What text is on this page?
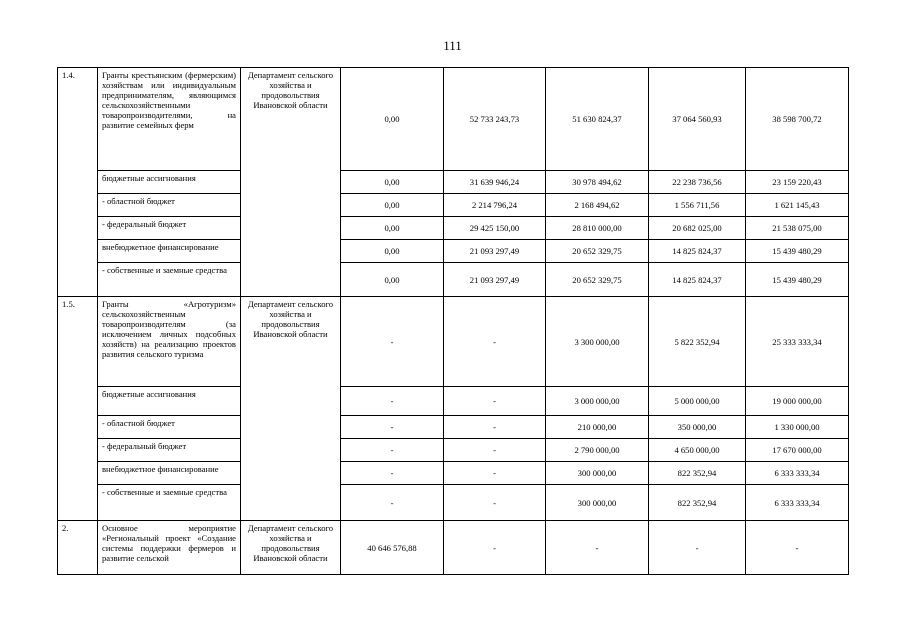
111
1.4.	Гранты крестьянским (фермерским) хозяйствам или индивидуальным предпринимателям, являющимся сельскохозяйственными товаропроизводителями, на развитие семейных ферм	Департамент сельского хозяйства и продовольствия Ивановской области	0,00	52 733 243,73	51 630 824,37	37 064 560,93	38 598 700,72
	бюджетные ассигнования		0,00	31 639 946,24	30 978 494,62	22 238 736,56	23 159 220,43
	- областной бюджет		0,00	2 214 796,24	2 168 494,62	1 556 711,56	1 621 145,43
	- федеральный бюджет		0,00	29 425 150,00	28 810 000,00	20 682 025,00	21 538 075,00
	внебюджетное финансирование		0,00	21 093 297,49	20 652 329,75	14 825 824,37	15 439 480,29
	- собственные и заемные средства		0,00	21 093 297,49	20 652 329,75	14 825 824,37	15 439 480,29
1.5.	Гранты «Агротуризм» сельскохозяйственным товаропроизводителям (за исключением личных подсобных хозяйств) на реализацию проектов развития сельского туризма	Департамент сельского хозяйства и продовольствия Ивановской области	-	-	3 300 000,00	5 822 352,94	25 333 333,34
	бюджетные ассигнования		-	-	3 000 000,00	5 000 000,00	19 000 000,00
	- областной бюджет		-	-	210 000,00	350 000,00	1 330 000,00
	- федеральный бюджет		-	-	2 790 000,00	4 650 000,00	17 670 000,00
	внебюджетное финансирование		-	-	300 000,00	822 352,94	6 333 333,34
	- собственные и заемные средства		-	-	300 000,00	822 352,94	6 333 333,34
2.	Основное мероприятие «Региональный проект «Создание системы поддержки фермеров и развитие сельской	Департамент сельского хозяйства и продовольствия Ивановской области	40 646 576,88	-	-	-	-
